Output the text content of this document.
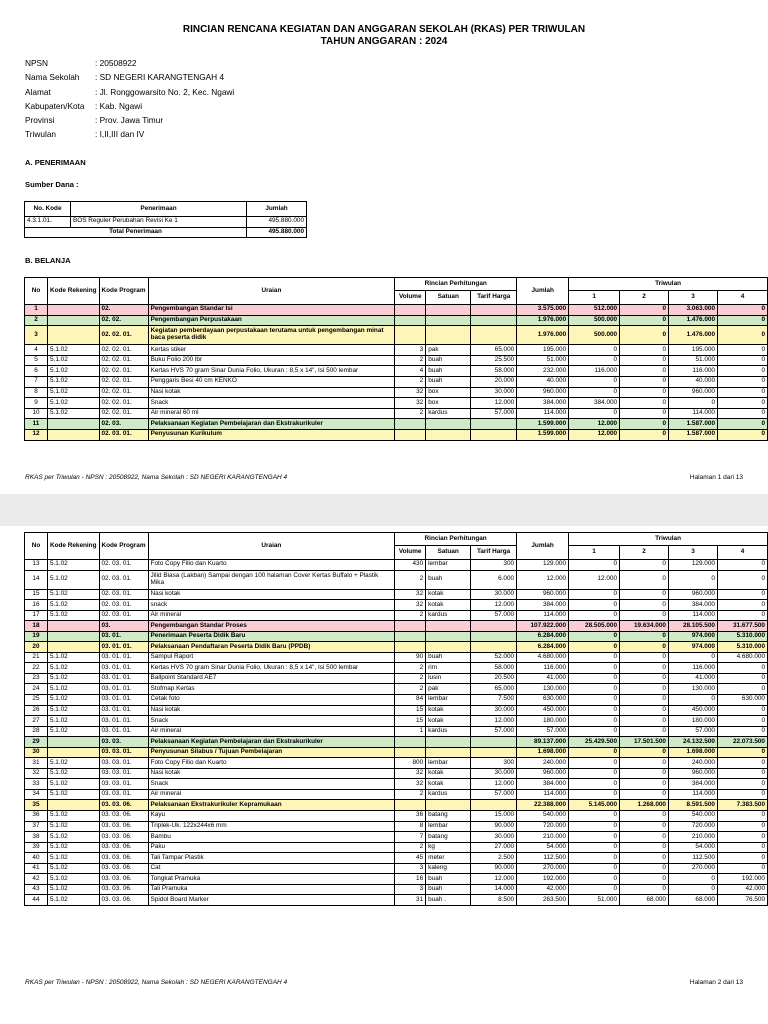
RINCIAN RENCANA KEGIATAN DAN ANGGARAN SEKOLAH (RKAS) PER TRIWULAN
TAHUN ANGGARAN : 2024
NPSN	: 20508922
Nama Sekolah	: SD NEGERI KARANGTENGAH 4
Alamat	: Jl. Ronggowarsito No. 2, Kec. Ngawi
Kabupaten/Kota	: Kab. Ngawi
Provinsi	: Prov. Jawa Timur
Triwulan	: I,II,III dan IV
A. PENERIMAAN
Sumber Dana :
No. Kode	Penerimaan	Jumlah
4.3.1.01.	BOS Reguler Perubahan Revisi Ke 1	495.880.000
Total Penerimaan		495.880.000
B. BELANJA
No	Kode Rekening	Kode Program	Uraian	Rincian Perhitungan			Jumlah	Triwulan			
				Volume	Satuan	Tarif Harga		1	2	3	4
1		02.	Pengembangan Standar Isi				3.575.000	512.000	0	3.063.000	0
2		02. 02.	Pengembangan Perpustakaan				1.976.000	500.000	0	1.476.000	0
3		02. 02. 01.	Kegiatan pemberdayaan perpustakaan terutama untuk pengembangan minat baca peserta didik				1.976.000	500.000	0	1.476.000	0
4	5.1.02	02. 02. 01.	Kertas stiker	3	pak	65.000	195.000	0	0	195.000	0
5	5.1.02	02. 02. 01.	Buku Folio 200 lbr	2	buah	25.500	51.000	0	0	51.000	0
6	5.1.02	02. 02. 01.	Kertas HVS 70 gram Sinar Dunia Folio, Ukuran : 8,5 x 14", Isi 500 lembar	4	buah	58.000	232.000	116.000	0	116.000	0
7	5.1.02	02. 02. 01.	Penggaris Besi 40 cm KENKO	2	buah	20.000	40.000	0	0	40.000	0
8	5.1.02	02. 02. 01.	Nasi kotak	32	box	30.000	960.000	0	0	960.000	0
9	5.1.02	02. 02. 01.	Snack	32	box	12.000	384.000	384.000	0	0	0
10	5.1.02	02. 02. 01.	Air mineral 60 ml	2	kardus	57.000	114.000	0	0	114.000	0
11		02. 03.	Pelaksanaan Kegiatan Pembelajaran dan Ekstrakurikuler				1.599.000	12.000	0	1.587.000	0
12		02. 03. 01.	Penyusunan Kurikulum				1.599.000	12.000	0	1.587.000	0
RKAS per Triwulan - NPSN : 20508922, Nama Sekolah : SD NEGERI KARANGTENGAH 4	Halaman 1 dari 13
No	Kode Rekening	Kode Program	Uraian	Rincian Perhitungan			Jumlah	Triwulan			
				Volume	Satuan	Tarif Harga		1	2	3	4
13	5.1.02	02. 03. 01.	Foto Copy Filio dan Kuarto	430	lembar	300	129.000	0	0	129.000	0
14	5.1.02	02. 03. 01.	Jilid Biasa (Lakban) Sampai dengan 100 halaman Cover Kertas Buffalo + Plastik Mika	2	buah	6.000	12.000	12.000	0	0	0
15	5.1.02	02. 03. 01.	Nasi kotak	32	kotak	30.000	960.000	0	0	960.000	0
16	5.1.02	02. 03. 01.	snack	32	kotak	12.000	384.000	0	0	384.000	0
17	5.1.02	02. 03. 01.	Air mineral	2	kardus	57.000	114.000	0	0	114.000	0
18		03.	Pengembangan Standar Proses				107.922.000	28.505.000	19.634.000	28.105.500	31.677.500
19		03. 01.	Penerimaan Peserta Didik Baru				6.284.000	0	0	974.000	5.310.000
20		03. 01. 01.	Pelaksanaan Pendaftaran Peserta Didik Baru (PPDB)				6.284.000	0	0	974.000	5.310.000
21	5.1.02	03. 01. 01.	Sampul Raport	90	buah	52.000	4.680.000	0	0	0	4.680.000
22	5.1.02	03. 01. 01.	Kertas HVS 70 gram Sinar Dunia Folio, Ukuran : 8,5 x 14", Isi 500 lembar	2	rim	58.000	116.000	0	0	116.000	0
23	5.1.02	03. 01. 01.	Ballpoint Standard AE7	2	lusin	20.500	41.000	0	0	41.000	0
24	5.1.02	03. 01. 01.	Stofmap Kertas	2	pak	65.000	130.000	0	0	130.000	0
25	5.1.02	03. 01. 01.	Cetak foto	84	lembar	7.500	630.000	0	0	0	630.000
26	5.1.02	03. 01. 01.	Nasi kotak	15	kotak	30.000	450.000	0	0	450.000	0
27	5.1.02	03. 01. 01.	Snack	15	kotak	12.000	180.000	0	0	180.000	0
28	5.1.02	03. 01. 01.	Air mineral	1	kardus	57.000	57.000	0	0	57.000	0
29		03. 03.	Pelaksanaan Kegiatan Pembelajaran dan Ekstrakurikuler				89.137.000	25.429.500	17.501.500	24.132.500	22.073.500
30		03. 03. 01.	Penyusunan Silabus / Tujuan Pembelajaran				1.698.000	0	0	1.698.000	0
31	5.1.02	03. 03. 01.	Foto Copy Filio dan Kuarto	800	lembar	300	240.000	0	0	240.000	0
32	5.1.02	03. 03. 01.	Nasi kotak	32	kotak	30.000	960.000	0	0	960.000	0
33	5.1.02	03. 03. 01.	Snack	32	kotak	12.000	384.000	0	0	384.000	0
34	5.1.02	03. 03. 01.	Air mineral	2	kardus	57.000	114.000	0	0	114.000	0
35		03. 03. 06.	Pelaksanaan Ekstrakurikuler Kepramukaan				22.388.000	5.145.000	1.268.000	8.591.500	7.383.500
36	5.1.02	03. 03. 06.	Kayu	36	batang	15.000	540.000	0	0	540.000	0
37	5.1.02	03. 03. 06.	Triplek-Uk. 122x244x6 mm	8	lembar	90.000	720.000	0	0	720.000	0
38	5.1.02	03. 03. 06.	Bambu	7	batang	30.000	210.000	0	0	210.000	0
39	5.1.02	03. 03. 06.	Paku	2	kg	27.000	54.000	0	0	54.000	0
40	5.1.02	03. 03. 06.	Tali Tampar Plastik	45	meter	2.500	112.500	0	0	112.500	0
41	5.1.02	03. 03. 06.	Cat	3	kaleng	90.000	270.000	0	0	270.000	0
42	5.1.02	03. 03. 06.	Tongkat Pramuka	16	buah	12.000	192.000	0	0	0	192.000
43	5.1.02	03. 03. 06.	Tali Pramuka	3	buah	14.000	42.000	0	0	0	42.000
44	5.1.02	03. 03. 06.	Spidol Board Marker	31	buah .	8.500	263.500	51.000	68.000	68.000	76.500
RKAS per Triwulan - NPSN : 20508922, Nama Sekolah : SD NEGERI KARANGTENGAH 4	Halaman 2 dari 13
